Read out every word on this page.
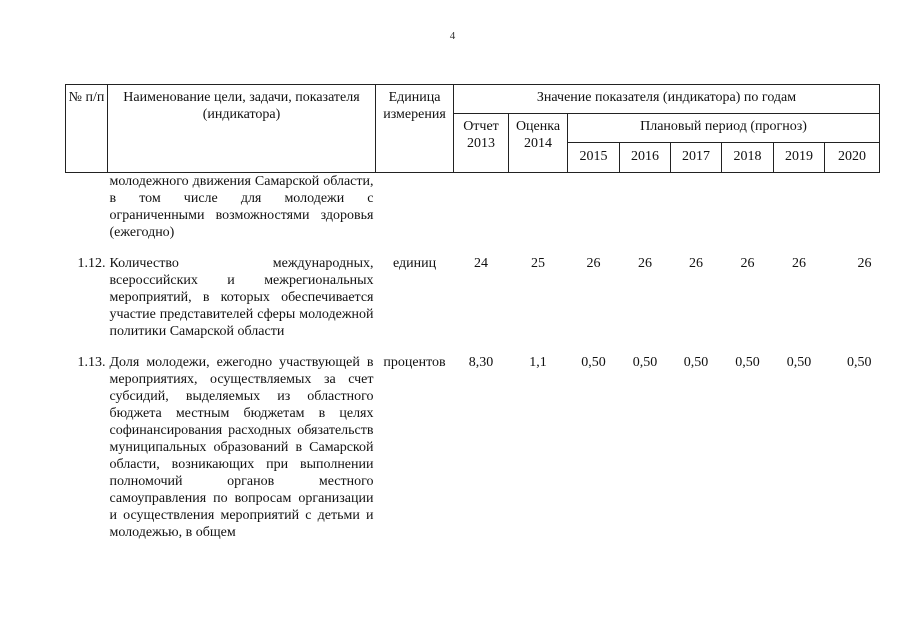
4
№ п/п	Наименование цели, задачи, показателя (индикатора)	Единица измерения	Значение показателя (индикатора) по годам							
			Отчет 2013	Оценка 2014	Плановый период (прогноз)					
					2015	2016	2017	2018	2019	2020
	молодежного движения Самарской области, в том числе для молодежи с ограниченными возможностями здоровья (ежегодно)									
1.12.	Количество международных, всероссийских и межрегиональных мероприятий, в которых обеспечивается участие представителей сферы молодежной политики Самарской области	единиц	24	25	26	26	26	26	26	26
1.13.	Доля молодежи, ежегодно участвующей в мероприятиях, осуществляемых за счет субсидий, выделяемых из областного бюджета местным бюджетам в целях софинансирования расходных обязательств муниципальных образований в Самарской области, возникающих при выполнении полномочий органов местного самоуправления по вопросам организации и осуществления мероприятий с детьми и молодежью, в общем	процентов	8,30	1,1	0,50	0,50	0,50	0,50	0,50	0,50
